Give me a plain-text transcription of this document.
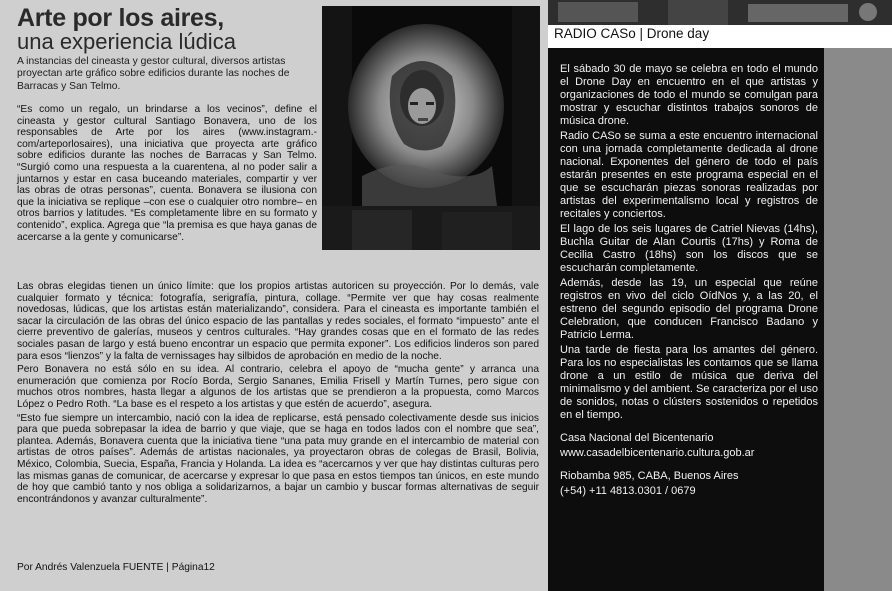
Arte por los aires,
una experiencia lúdica
A instancias del cineasta y gestor cultural, diversos artistas proyectan arte gráfico sobre edificios durante las noches de Barracas y San Telmo.

“Es como un regalo, un brindarse a los vecinos”, define el cineasta y gestor cultural Santiago Bonavera, uno de los responsables de Arte por los aires (www.instagram.-com/arteporlosaires), una iniciativa que proyecta arte gráfico sobre edificios durante las noches de Barracas y San Telmo. “Surgió como una respuesta a la cuarentena, al no poder salir a juntarnos y estar en casa buceando materiales, compartir y ver las obras de otras personas”, cuenta. Bonavera se ilusiona con que la iniciativa se replique –con ese o cualquier otro nombre– en otros barrios y latitudes. “Es completamente libre en su formato y contenido”, explica. Agrega que “la premisa es que haya ganas de acercarse a la gente y comunicarse”.

Las obras elegidas tienen un único límite: que los propios artistas autoricen su proyección. Por lo demás, vale cualquier formato y técnica: fotografía, serigrafía, pintura, collage. “Permite ver que hay cosas realmente novedosas, lúdicas, que los artistas están materializando”, considera. Para el cineasta es importante también el sacar la circulación de las obras del único espacio de las pantallas y redes sociales, el formato “impuesto” ante el cierre preventivo de galerías, museos y centros culturales. “Hay grandes cosas que en el formato de las redes sociales pasan de largo y está bueno encontrar un espacio que permita exponer”. Los edificios linderos son pared para esos “lienzos” y la falta de vernissages hay silbidos de aprobación en medio de la noche.

Pero Bonavera no está sólo en su idea. Al contrario, celebra el apoyo de “mucha gente” y arranca una enumeración que comienza por Rocío Borda, Sergio Sananes, Emilia Frisell y Martín Turnes, pero sigue con muchos otros nombres, hasta llegar a algunos de los artistas que se prendieron a la propuesta, como Marcos López o Pedro Roth. “La base es el respeto a los artistas y que estén de acuerdo”, asegura.

“Esto fue siempre un intercambio, nació con la idea de replicarse, está pensado colectivamente desde sus inicios para que pueda sobrepasar la idea de barrio y que viaje, que se haga en todos lados con el nombre que sea”, plantea. Además, Bonavera cuenta que la iniciativa tiene “una pata muy grande en el intercambio de material con artistas de otros países”. Además de artistas nacionales, ya proyectaron obras de colegas de Brasil, Bolivia, México, Colombia, Suecia, España, Francia y Holanda. La idea es “acercarnos y ver que hay distintas culturas pero las mismas ganas de comunicar, de acercarse y expresar lo que pasa en estos tiempos tan únicos, en este mundo de hoy que cambió tanto y nos obliga a solidarizarnos, a bajar un cambio y buscar formas alternativas de seguir encontrándonos y avanzar culturalmente”.

Por Andrés Valenzuela FUENTE | Página12
RADIO CASo | Drone day

El sábado 30 de mayo se celebra en todo el mundo el Drone Day en encuentro en el que artistas y organizaciones de todo el mundo se comulgan para mostrar y escuchar distintos trabajos sonoros de música drone.

Radio CASo se suma a este encuentro internacional con una jornada completamente dedicada al drone nacional. Exponentes del género de todo el país estarán presentes en este programa especial en el que se escucharán piezas sonoras realizadas por artistas del experimentalismo local y registros de recitales y conciertos.

El lago de los seis lugares de Catriel Nievas (14hs), Buchla Guitar de Alan Courtis (17hs) y Roma de Cecilia Castro (18hs) son los discos que se escucharán completamente.

Además, desde las 19, un especial que reúne registros en vivo del ciclo OídNos y, a las 20, el estreno del segundo episodio del programa Drone Celebration, que conducen Francisco Badano y Patricio Lerma.

Una tarde de fiesta para los amantes del género. Para los no especialistas les contamos que se llama drone a un estilo de música que deriva del minimalismo y del ambient. Se caracteriza por el uso de sonidos, notas o clústers sostenidos o repetidos en el tiempo.

Casa Nacional del Bicentenario

www.casadelbicentenario.cultura.gob.ar

Riobamba 985, CABA, Buenos Aires

(+54) +11 4813.0301 / 0679
